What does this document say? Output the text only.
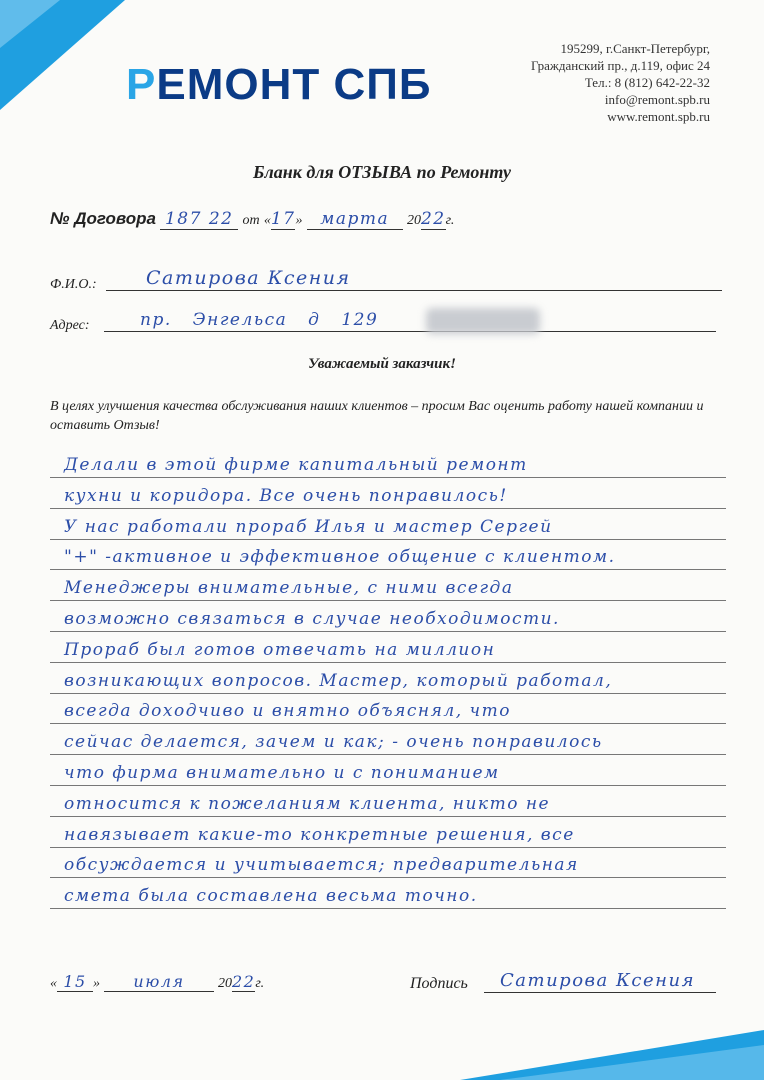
РЕМОНТ СПБ
195299, г.Санкт-Петербург,
Гражданский пр., д.119, офис 24
Тел.: 8 (812) 642-22-32
info@remont.spb.ru
www.remont.spb.ru
Бланк для ОТЗЫВА по Ремонту
№ Договора 187 22 от «17» марта 2022г.
Ф.И.О.:	Сатирова Ксения
Адрес:	пр. Энгельса д 129
Уважаемый заказчик!
В целях улучшения качества обслуживания наших клиентов – просим Вас оценить работу нашей компании и оставить Отзыв!
Делали в этой фирме капитальный ремонт
кухни и коридора. Все очень понравилось!
У нас работали прораб Илья и мастер Сергей
"+" -активное и эффективное общение с клиентом.
Менеджеры внимательные, с ними всегда
возможно связаться в случае необходимости.
Прораб был готов отвечать на миллион
возникающих вопросов. Мастер, который работал,
всегда доходчиво и внятно объяснял, что
сейчас делается, зачем и как; - очень понравилось
что фирма внимательно и с пониманием
относится к пожеланиям клиента, никто не
навязывает какие-то конкретные решения, все
обсуждается и учитывается; предварительная
смета была составлена весьма точно.
« 15 » июля 2022г.	Подпись Сатирова Ксения
